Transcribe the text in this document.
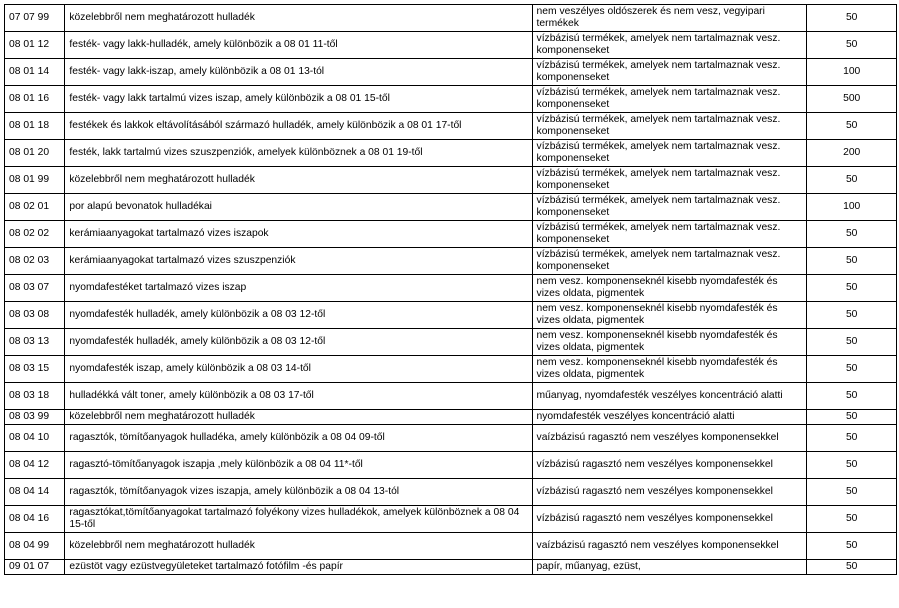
07 07 99	közelebbről nem meghatározott hulladék	nem veszélyes oldószerek és nem vesz, vegyipari termékek	50
08 01 12	festék- vagy lakk-hulladék, amely különbözik a 08 01 11-től	vízbázisú termékek, amelyek nem tartalmaznak vesz. komponenseket	50
08 01 14	festék- vagy lakk-iszap, amely különbözik a 08 01 13-tól	vízbázisú termékek, amelyek nem tartalmaznak vesz. komponenseket	100
08 01 16	festék- vagy lakk tartalmú vizes iszap, amely különbözik a 08 01 15-től	vízbázisú termékek, amelyek nem tartalmaznak vesz. komponenseket	500
08 01 18	festékek és lakkok eltávolításából származó hulladék, amely különbözik a 08 01 17-től	vízbázisú termékek, amelyek nem tartalmaznak vesz. komponenseket	50
08 01 20	festék, lakk tartalmú vizes szuszpenziók, amelyek különböznek a 08 01 19-től	vízbázisú termékek, amelyek nem tartalmaznak vesz. komponenseket	200
08 01 99	közelebbről nem meghatározott hulladék	vízbázisú termékek, amelyek nem tartalmaznak vesz. komponenseket	50
08 02 01	por alapú bevonatok hulladékai	vízbázisú termékek, amelyek nem tartalmaznak vesz. komponenseket	100
08 02 02	kerámiaanyagokat tartalmazó vizes iszapok	vízbázisú termékek, amelyek nem tartalmaznak vesz. komponenseket	50
08 02 03	kerámiaanyagokat tartalmazó vizes szuszpenziók	vízbázisú termékek, amelyek nem tartalmaznak vesz. komponenseket	50
08 03 07	nyomdafestéket tartalmazó vizes iszap	nem vesz. komponenseknél kisebb nyomdafesték és vizes oldata, pigmentek	50
08 03 08	nyomdafesték hulladék, amely különbözik a 08 03 12-től	nem vesz. komponenseknél kisebb nyomdafesték és vizes oldata, pigmentek	50
08 03 13	nyomdafesték hulladék, amely különbözik a 08 03 12-től	nem vesz. komponenseknél kisebb nyomdafesték és vizes oldata, pigmentek	50
08 03 15	nyomdafesték iszap, amely különbözik a 08 03 14-től	nem vesz. komponenseknél kisebb nyomdafesték és vizes oldata, pigmentek	50
08 03 18	hulladékká vált toner, amely különbözik a 08 03 17-től	műanyag, nyomdafesték veszélyes koncentráció alatti	50
08 03 99	közelebbről nem meghatározott hulladék	nyomdafesték veszélyes koncentráció alatti	50
08 04 10	ragasztók, tömítőanyagok hulladéka, amely különbözik a 08 04 09-től	vaízbázisú ragasztó nem veszélyes komponensekkel	50
08 04 12	ragasztó-tömítőanyagok iszapja ,mely különbözik a 08 04 11*-től	vízbázisú ragasztó nem veszélyes komponensekkel	50
08 04 14	ragasztók, tömítőanyagok vizes iszapja, amely különbözik a 08 04 13-tól	vízbázisú ragasztó nem veszélyes komponensekkel	50
08 04 16	ragasztókat,tömítőanyagokat tartalmazó folyékony vizes hulladékok, amelyek különböznek a 08 04 15-től	vízbázisú ragasztó nem veszélyes komponensekkel	50
08 04 99	közelebbről nem meghatározott hulladék	vaízbázisú ragasztó nem veszélyes komponensekkel	50
09 01 07	ezüstöt vagy ezüstvegyületeket tartalmazó fotófilm -és papír	papír, műanyag, ezüst,	50
